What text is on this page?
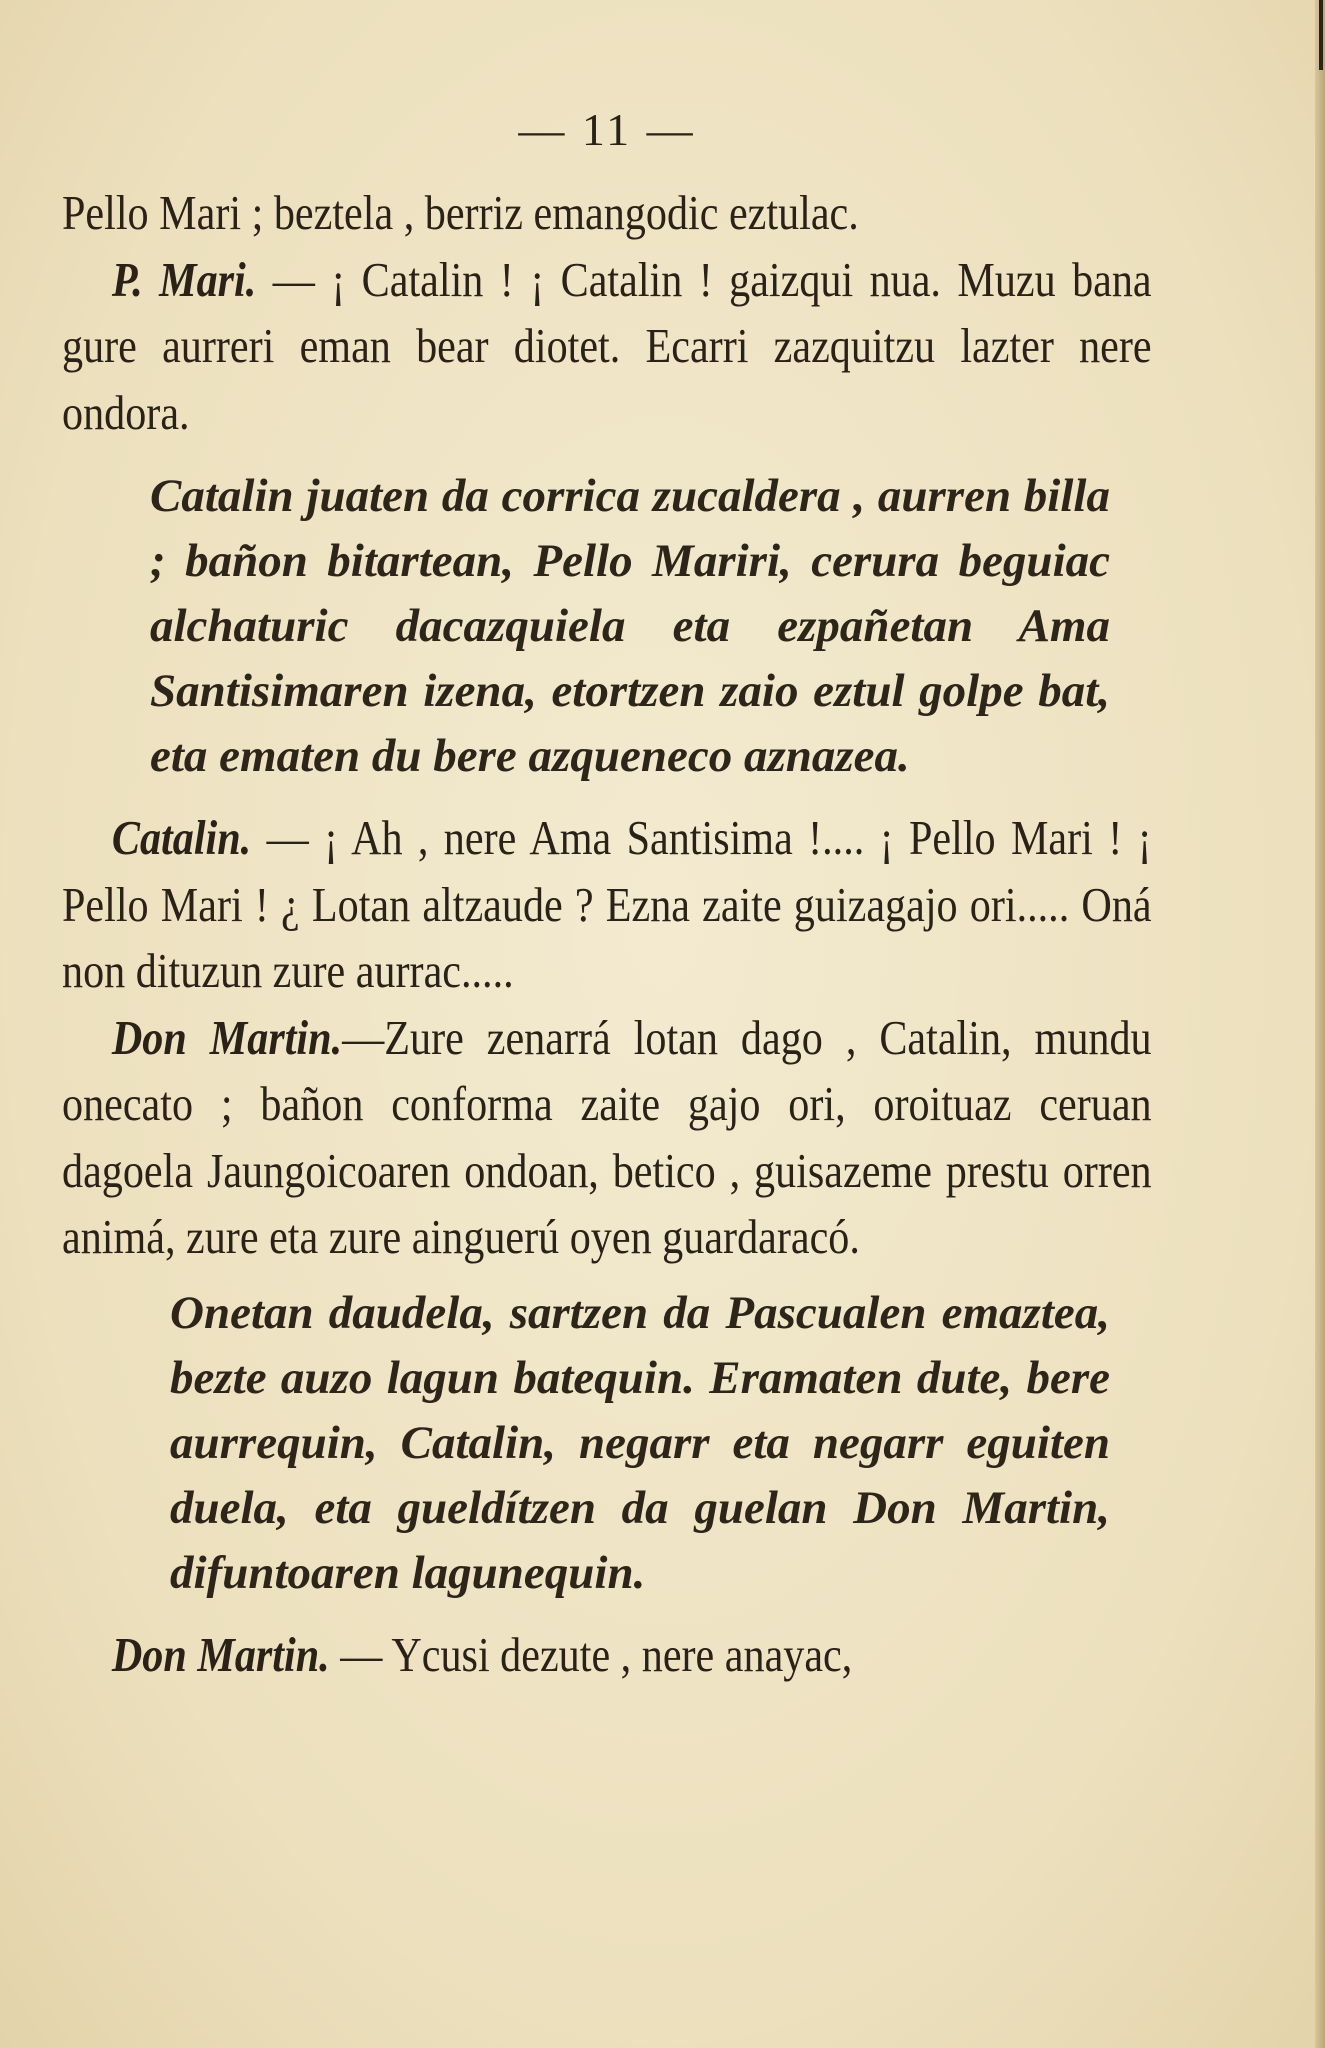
— 11 —

Pello Mari ; beztela , berriz emangodic eztulac.

P. Mari. — ¡ Catalin ! ¡ Catalin ! gaizqui nua. Muzu bana gure aurreri eman bear diotet. Ecarri zazquitzu lazter nere ondora.

Catalin juaten da corrica zucaldera , aurren billa ; bañon bitartean, Pello Mariri, cerura beguiac alchaturic dacazquiela eta ezpañetan Ama Santisimaren izena, etortzen zaio eztul golpe bat, eta ematen du bere azqueneco aznazea.

Catalin. — ¡ Ah , nere Ama Santisima !.... ¡ Pello Mari ! ¡ Pello Mari ! ¿ Lotan altzaude ? Ezna zaite guizagajo ori..... Oná non dituzun zure aurrac.....

Don Martin.—Zure zenarrá lotan dago , Catalin, mundu onecato ; bañon conforma zaite gajo ori, oroituaz ceruan dagoela Jaungoicoaren ondoan, betico , guisazeme prestu orren animá, zure eta zure ainguerú oyen guardaracó.

Onetan daudela, sartzen da Pascualen emaztea, bezte auzo lagun batequin. Eramaten dute, bere aurrequin, Catalin, negarr eta negarr eguiten duela, eta gueldítzen da guelan Don Martin, difuntoaren lagunequin.

Don Martin. — Ycusi dezute , nere anayac,
